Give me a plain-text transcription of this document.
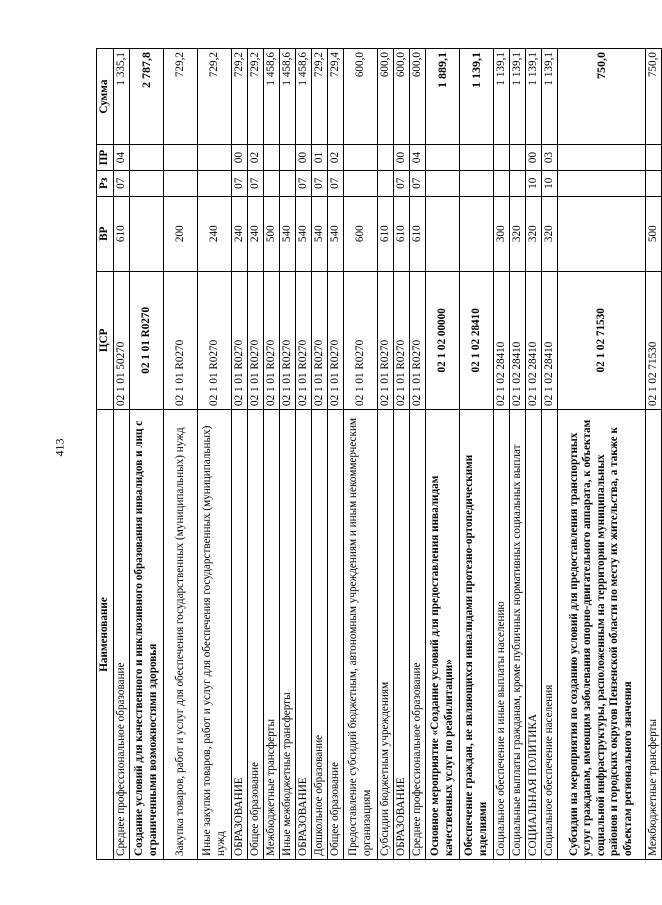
413
Наименование	ЦСР	ВР	Рз	ПР	Сумма
Среднее профессиональное образование	02 1 01 50270	610	07	04	1 335,1
Создание условий для качественного и инклюзивного образования инвалидов и лиц с ограниченными возможностями здоровья	02 1 01 R0270				2 787,8
Закупка товаров, работ и услуг для обеспечения государственных (муниципальных) нужд	02 1 01 R0270	200			729,2
Иные закупки товаров, работ и услуг для обеспечения государственных (муниципальных) нужд	02 1 01 R0270	240			729,2
ОБРАЗОВАНИЕ	02 1 01 R0270	240	07	00	729,2
Общее образование	02 1 01 R0270	240	07	02	729,2
Межбюджетные трансферты	02 1 01 R0270	500			1 458,6
Иные межбюджетные трансферты	02 1 01 R0270	540			1 458,6
ОБРАЗОВАНИЕ	02 1 01 R0270	540	07	00	1 458,6
Дошкольное образование	02 1 01 R0270	540	07	01	729,2
Общее образование	02 1 01 R0270	540	07	02	729,4
Предоставление субсидий бюджетным, автономным учреждениям и иным некоммерческим организациям	02 1 01 R0270	600			600,0
Субсидии бюджетным учреждениям	02 1 01 R0270	610			600,0
ОБРАЗОВАНИЕ	02 1 01 R0270	610	07	00	600,0
Среднее профессиональное образование	02 1 01 R0270	610	07	04	600,0
Основное мероприятие «Создание условий для предоставления инвалидам качественных услуг по реабилитации»	02 1 02 00000				1 889,1
Обеспечение граждан, не являющихся инвалидами протезно-ортопедическими изделиями	02 1 02 28410				1 139,1
Социальное обеспечение и иные выплаты населению	02 1 02 28410	300			1 139,1
Социальные выплаты гражданам, кроме публичных нормативных социальных выплат	02 1 02 28410	320			1 139,1
СОЦИАЛЬНАЯ ПОЛИТИКА	02 1 02 28410	320	10	00	1 139,1
Социальное обеспечение населения	02 1 02 28410	320	10	03	1 139,1
Субсидии на мероприятия по созданию условий для предоставления транспортных услуг гражданам, имеющим заболевания опорно-двигательного аппарата, к объектам социальной инфраструктуры, расположенным на территории муниципальных районов и городских округов Пензенской области по месту их жительства, а также к объектам регионального значения	02 1 02 71530				750,0
Межбюджетные трансферты	02 1 02 71530	500			750,0
